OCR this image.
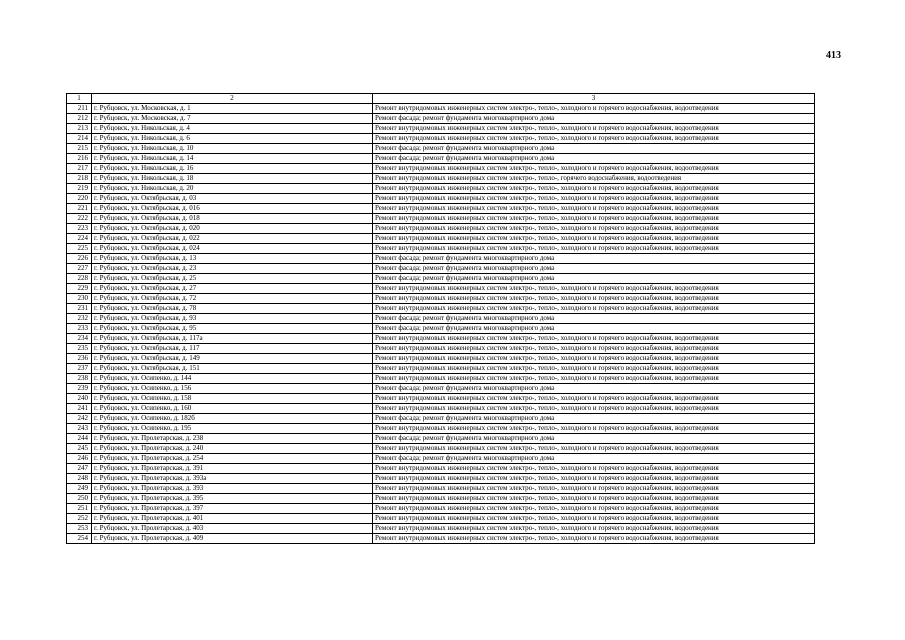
413
1	2	3
211	г. Рубцовск, ул. Московская, д. 1	Ремонт внутридомовых инженерных систем электро-, тепло-, холодного и горячего водоснабжения, водоотведения
212	г. Рубцовск, ул. Московская, д. 7	Ремонт фасада; ремонт фундамента многоквартирного дома
213	г. Рубцовск, ул. Никольская, д. 4	Ремонт внутридомовых инженерных систем электро-, тепло-, холодного и горячего водоснабжения, водоотведения
214	г. Рубцовск, ул. Никольская, д. 6	Ремонт внутридомовых инженерных систем электро-, тепло-, холодного и горячего водоснабжения, водоотведения
215	г. Рубцовск, ул. Никольская, д. 10	Ремонт фасада; ремонт фундамента многоквартирного дома
216	г. Рубцовск, ул. Никольская, д. 14	Ремонт фасада; ремонт фундамента многоквартирного дома
217	г. Рубцовск, ул. Никольская, д. 16	Ремонт внутридомовых инженерных систем электро-, тепло-, холодного и горячего водоснабжения, водоотведения
218	г. Рубцовск, ул. Никольская, д. 18	Ремонт внутридомовых инженерных систем электро-, тепло-, горячего водоснабжения, водоотведения
219	г. Рубцовск, ул. Никольская, д. 20	Ремонт внутридомовых инженерных систем электро-, тепло-, холодного и горячего водоснабжения, водоотведения
220	г. Рубцовск, ул. Октябрьская, д. 03	Ремонт внутридомовых инженерных систем электро-, тепло-, холодного и горячего водоснабжения, водоотведения
221	г. Рубцовск, ул. Октябрьская, д. 016	Ремонт внутридомовых инженерных систем электро-, тепло-, холодного и горячего водоснабжения, водоотведения
222	г. Рубцовск, ул. Октябрьская, д. 018	Ремонт внутридомовых инженерных систем электро-, тепло-, холодного и горячего водоснабжения, водоотведения
223	г. Рубцовск, ул. Октябрьская, д. 020	Ремонт внутридомовых инженерных систем электро-, тепло-, холодного и горячего водоснабжения, водоотведения
224	г. Рубцовск, ул. Октябрьская, д. 022	Ремонт внутридомовых инженерных систем электро-, тепло-, холодного и горячего водоснабжения, водоотведения
225	г. Рубцовск, ул. Октябрьская, д. 024	Ремонт внутридомовых инженерных систем электро-, тепло-, холодного и горячего водоснабжения, водоотведения
226	г. Рубцовск, ул. Октябрьская, д. 13	Ремонт фасада; ремонт фундамента многоквартирного дома
227	г. Рубцовск, ул. Октябрьская, д. 23	Ремонт фасада; ремонт фундамента многоквартирного дома
228	г. Рубцовск, ул. Октябрьская, д. 25	Ремонт фасада; ремонт фундамента многоквартирного дома
229	г. Рубцовск, ул. Октябрьская, д. 27	Ремонт внутридомовых инженерных систем электро-, тепло-, холодного и горячего водоснабжения, водоотведения
230	г. Рубцовск, ул. Октябрьская, д. 72	Ремонт внутридомовых инженерных систем электро-, тепло-, холодного и горячего водоснабжения, водоотведения
231	г. Рубцовск, ул. Октябрьская, д. 78	Ремонт внутридомовых инженерных систем электро-, тепло-, холодного и горячего водоснабжения, водоотведения
232	г. Рубцовск, ул. Октябрьская, д. 93	Ремонт фасада; ремонт фундамента многоквартирного дома
233	г. Рубцовск, ул. Октябрьская, д. 95	Ремонт фасада; ремонт фундамента многоквартирного дома
234	г. Рубцовск, ул. Октябрьская, д. 117а	Ремонт внутридомовых инженерных систем электро-, тепло-, холодного и горячего водоснабжения, водоотведения
235	г. Рубцовск, ул. Октябрьская, д. 117	Ремонт внутридомовых инженерных систем электро-, тепло-, холодного и горячего водоснабжения, водоотведения
236	г. Рубцовск, ул. Октябрьская, д. 149	Ремонт внутридомовых инженерных систем электро-, тепло-, холодного и горячего водоснабжения, водоотведения
237	г. Рубцовск, ул. Октябрьская, д. 151	Ремонт внутридомовых инженерных систем электро-, тепло-, холодного и горячего водоснабжения, водоотведения
238	г. Рубцовск, ул. Осипенко, д. 144	Ремонт внутридомовых инженерных систем электро-, тепло-, холодного и горячего водоснабжения, водоотведения
239	г. Рубцовск, ул. Осипенко, д. 156	Ремонт фасада; ремонт фундамента многоквартирного дома
240	г. Рубцовск, ул. Осипенко, д. 158	Ремонт внутридомовых инженерных систем электро-, тепло-, холодного и горячего водоснабжения, водоотведения
241	г. Рубцовск, ул. Осипенко, д. 160	Ремонт внутридомовых инженерных систем электро-, тепло-, холодного и горячего водоснабжения, водоотведения
242	г. Рубцовск, ул. Осипенко, д. 182б	Ремонт фасада; ремонт фундамента многоквартирного дома
243	г. Рубцовск, ул. Осипенко, д. 195	Ремонт внутридомовых инженерных систем электро-, тепло-, холодного и горячего водоснабжения, водоотведения
244	г. Рубцовск, ул. Пролетарская, д. 238	Ремонт фасада; ремонт фундамента многоквартирного дома
245	г. Рубцовск, ул. Пролетарская, д. 240	Ремонт внутридомовых инженерных систем электро-, тепло-, холодного и горячего водоснабжения, водоотведения
246	г. Рубцовск, ул. Пролетарская, д. 254	Ремонт фасада; ремонт фундамента многоквартирного дома
247	г. Рубцовск, ул. Пролетарская, д. 391	Ремонт внутридомовых инженерных систем электро-, тепло-, холодного и горячего водоснабжения, водоотведения
248	г. Рубцовск, ул. Пролетарская, д. 393а	Ремонт внутридомовых инженерных систем электро-, тепло-, холодного и горячего водоснабжения, водоотведения
249	г. Рубцовск, ул. Пролетарская, д. 393	Ремонт внутридомовых инженерных систем электро-, тепло-, холодного и горячего водоснабжения, водоотведения
250	г. Рубцовск, ул. Пролетарская, д. 395	Ремонт внутридомовых инженерных систем электро-, тепло-, холодного и горячего водоснабжения, водоотведения
251	г. Рубцовск, ул. Пролетарская, д. 397	Ремонт внутридомовых инженерных систем электро-, тепло-, холодного и горячего водоснабжения, водоотведения
252	г. Рубцовск, ул. Пролетарская, д. 401	Ремонт внутридомовых инженерных систем электро-, тепло-, холодного и горячего водоснабжения, водоотведения
253	г. Рубцовск, ул. Пролетарская, д. 403	Ремонт внутридомовых инженерных систем электро-, тепло-, холодного и горячего водоснабжения, водоотведения
254	г. Рубцовск, ул. Пролетарская, д. 409	Ремонт внутридомовых инженерных систем электро-, тепло-, холодного и горячего водоснабжения, водоотведения
